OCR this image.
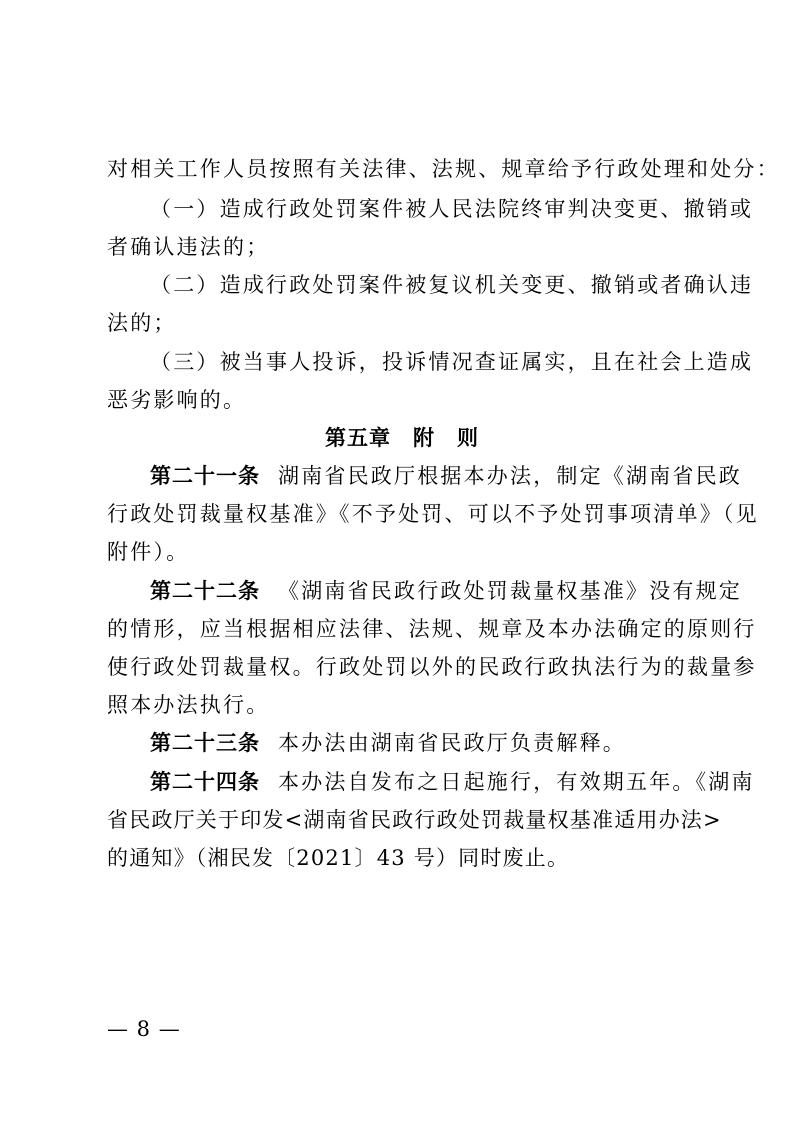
对相关工作人员按照有关法律、法规、规章给予行政处理和处分：
（一）造成行政处罚案件被人民法院终审判决变更、撤销或
者确认违法的；
（二）造成行政处罚案件被复议机关变更、撤销或者确认违
法的；
（三）被当事人投诉，投诉情况查证属实，且在社会上造成
恶劣影响的。
第五章　附　则
第二十一条 湖南省民政厅根据本办法，制定《湖南省民政
行政处罚裁量权基准》《不予处罚、可以不予处罚事项清单》（见
附件）。
第二十二条 《湖南省民政行政处罚裁量权基准》没有规定
的情形，应当根据相应法律、法规、规章及本办法确定的原则行
使行政处罚裁量权。行政处罚以外的民政行政执法行为的裁量参
照本办法执行。
第二十三条 本办法由湖南省民政厅负责解释。
第二十四条 本办法自发布之日起施行，有效期五年。《湖南
省民政厅关于印发<湖南省民政行政处罚裁量权基准适用办法>
的通知》（湘民发〔2021〕43 号）同时废止。
— 8 —
